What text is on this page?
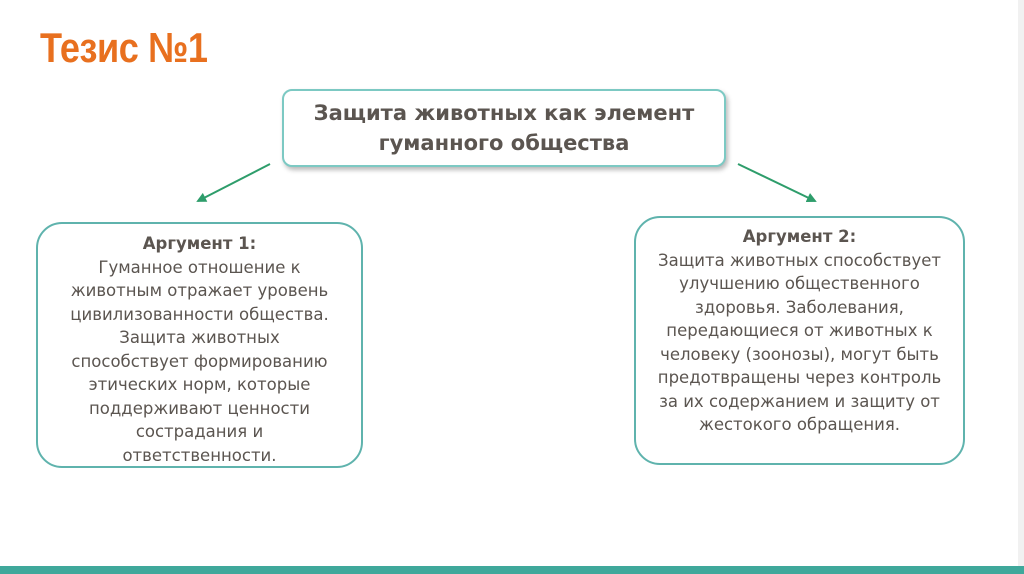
Тезис №1
Защита животных как элемент гуманного общества
Аргумент 1:
Гуманное отношение к
животным отражает уровень
цивилизованности общества.
Защита животных
способствует формированию
этических норм, которые
поддерживают ценности
сострадания и
ответственности.
Аргумент 2:
Защита животных способствует
улучшению общественного
здоровья. Заболевания,
передающиеся от животных к
человеку (зоонозы), могут быть
предотвращены через контроль
за их содержанием и защиту от
жестокого обращения.
